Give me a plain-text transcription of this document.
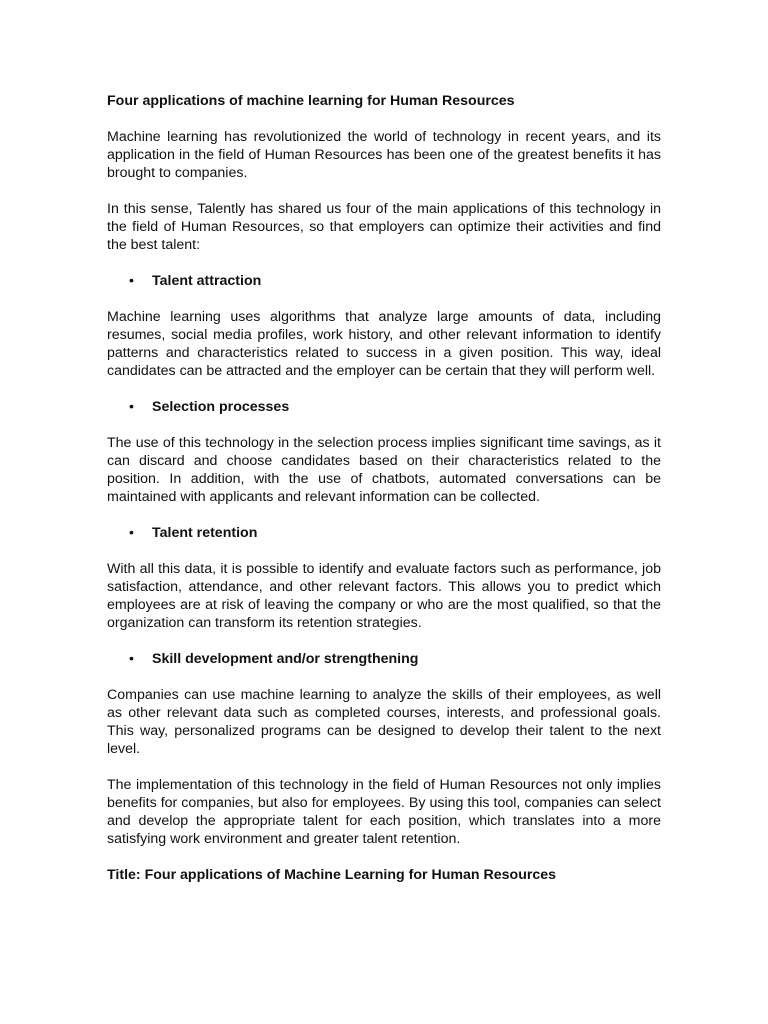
Four applications of machine learning for Human Resources

Machine learning has revolutionized the world of technology in recent years, and its application in the field of Human Resources has been one of the greatest benefits it has brought to companies.

In this sense, Talently has shared us four of the main applications of this technology in the field of Human Resources, so that employers can optimize their activities and find the best talent:

• Talent attraction

Machine learning uses algorithms that analyze large amounts of data, including resumes, social media profiles, work history, and other relevant information to identify patterns and characteristics related to success in a given position. This way, ideal candidates can be attracted and the employer can be certain that they will perform well.

• Selection processes

The use of this technology in the selection process implies significant time savings, as it can discard and choose candidates based on their characteristics related to the position. In addition, with the use of chatbots, automated conversations can be maintained with applicants and relevant information can be collected.

• Talent retention

With all this data, it is possible to identify and evaluate factors such as performance, job satisfaction, attendance, and other relevant factors. This allows you to predict which employees are at risk of leaving the company or who are the most qualified, so that the organization can transform its retention strategies.

• Skill development and/or strengthening

Companies can use machine learning to analyze the skills of their employees, as well as other relevant data such as completed courses, interests, and professional goals. This way, personalized programs can be designed to develop their talent to the next level.

The implementation of this technology in the field of Human Resources not only implies benefits for companies, but also for employees. By using this tool, companies can select and develop the appropriate talent for each position, which translates into a more satisfying work environment and greater talent retention.

Title: Four applications of Machine Learning for Human Resources
